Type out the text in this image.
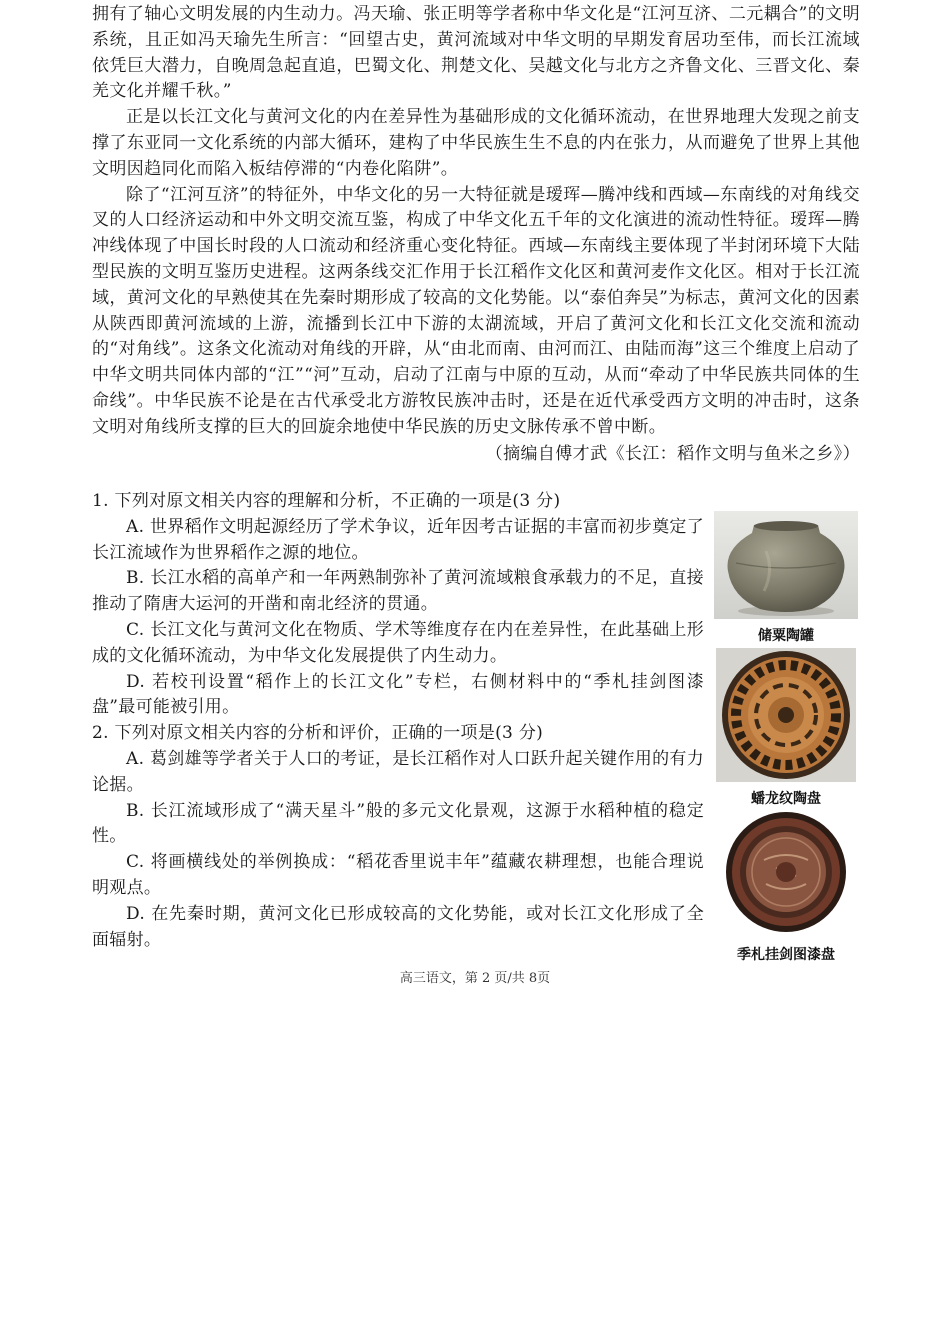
拥有了轴心文明发展的内生动力。冯天瑜、张正明等学者称中华文化是“江河互济、二元耦合”的文明系统，且正如冯天瑜先生所言：“回望古史，黄河流域对中华文明的早期发育居功至伟，而长江流域依凭巨大潜力，自晚周急起直追，巴蜀文化、荆楚文化、吴越文化与北方之齐鲁文化、三晋文化、秦羌文化并耀千秋。”

正是以长江文化与黄河文化的内在差异性为基础形成的文化循环流动，在世界地理大发现之前支撑了东亚同一文化系统的内部大循环，建构了中华民族生生不息的内在张力，从而避免了世界上其他文明因趋同化而陷入板结停滞的“内卷化陷阱”。

除了“江河互济”的特征外，中华文化的另一大特征就是瑷珲—腾冲线和西域—东南线的对角线交叉的人口经济运动和中外文明交流互鉴，构成了中华文化五千年的文化演进的流动性特征。瑷珲—腾冲线体现了中国长时段的人口流动和经济重心变化特征。西域—东南线主要体现了半封闭环境下大陆型民族的文明互鉴历史进程。这两条线交汇作用于长江稻作文化区和黄河麦作文化区。相对于长江流域，黄河文化的早熟使其在先秦时期形成了较高的文化势能。以“泰伯奔吴”为标志，黄河文化的因素从陕西即黄河流域的上游，流播到长江中下游的太湖流域，开启了黄河文化和长江文化交流和流动的“对角线”。这条文化流动对角线的开辟，从“由北而南、由河而江、由陆而海”这三个维度上启动了中华文明共同体内部的“江”“河”互动，启动了江南与中原的互动，从而“牵动了中华民族共同体的生命线”。中华民族不论是在古代承受北方游牧民族冲击时，还是在近代承受西方文明的冲击时，这条文明对角线所支撑的巨大的回旋余地使中华民族的历史文脉传承不曾中断。

（摘编自傅才武《长江：稻作文明与鱼米之乡》）

1. 下列对原文相关内容的理解和分析，不正确的一项是(3 分)

A. 世界稻作文明起源经历了学术争议，近年因考古证据的丰富而初步奠定了长江流域作为世界稻作之源的地位。

B. 长江水稻的高单产和一年两熟制弥补了黄河流域粮食承载力的不足，直接推动了隋唐大运河的开凿和南北经济的贯通。

C. 长江文化与黄河文化在物质、学术等维度存在内在差异性，在此基础上形成的文化循环流动，为中华文化发展提供了内生动力。

D. 若校刊设置“稻作上的长江文化”专栏，右侧材料中的“季札挂剑图漆盘”最可能被引用。

2. 下列对原文相关内容的分析和评价，正确的一项是(3 分)

A. 葛剑雄等学者关于人口的考证，是长江稻作对人口跃升起关键作用的有力论据。

B. 长江流域形成了“满天星斗”般的多元文化景观，这源于水稻种植的稳定性。

C. 将画横线处的举例换成：“稻花香里说丰年”蕴藏农耕理想，也能合理说明观点。

D. 在先秦时期，黄河文化已形成较高的文化势能，或对长江文化形成了全面辐射。

储粟陶罐
蟠龙纹陶盘
季札挂剑图漆盘
高三语文，第 2 页/共 8页
